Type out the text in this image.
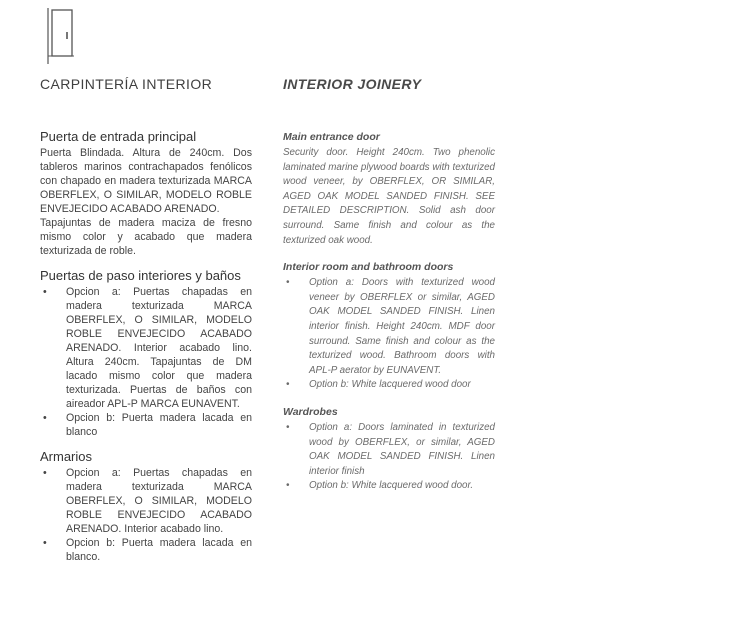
CARPINTERÍA INTERIOR	INTERIOR JOINERY
Puerta de entrada principal

Puerta Blindada. Altura de 240cm. Dos tableros marinos contrachapados fenólicos con chapado en madera texturizada MARCA OBERFLEX, O SIMILAR, MODELO ROBLE ENVEJECIDO ACABADO ARENADO.

Tapajuntas de madera maciza de fresno mismo color y acabado que madera texturizada de roble.

Puertas de paso interiores y baños
• Opcion a: Puertas chapadas en madera texturizada MARCA OBERFLEX, O SIMILAR, MODELO ROBLE ENVEJECIDO ACABADO ARENADO. Interior acabado lino. Altura 240cm. Tapajuntas de DM lacado mismo color que madera texturizada. Puertas de baños con aireador APL-P MARCA EUNAVENT.
• Opcion b: Puerta madera lacada en blanco
Armarios
• Opcion a: Puertas chapadas en madera texturizada MARCA OBERFLEX, O SIMILAR, MODELO ROBLE ENVEJECIDO ACABADO ARENADO. Interior acabado lino.
• Opcion b: Puerta madera lacada en blanco.
Main entrance door

Security door. Height 240cm. Two phenolic laminated marine plywood boards with texturized wood veneer, by OBERFLEX, OR SIMILAR, AGED OAK MODEL SANDED FINISH. SEE DETAILED DESCRIPTION. Solid ash door surround. Same finish and colour as the texturized oak wood.

Interior room and bathroom doors
• Option a: Doors with texturized wood veneer by OBERFLEX or similar, AGED OAK MODEL SANDED FINISH. Linen interior finish. Height 240cm. MDF door surround. Same finish and colour as the texturized wood. Bathroom doors with APL-P aerator by EUNAVENT.
• Option b: White lacquered wood door
Wardrobes
• Option a: Doors laminated in texturized wood by OBERFLEX, or similar, AGED OAK MODEL SANDED FINISH. Linen interior finish
• Option b: White lacquered wood door.
